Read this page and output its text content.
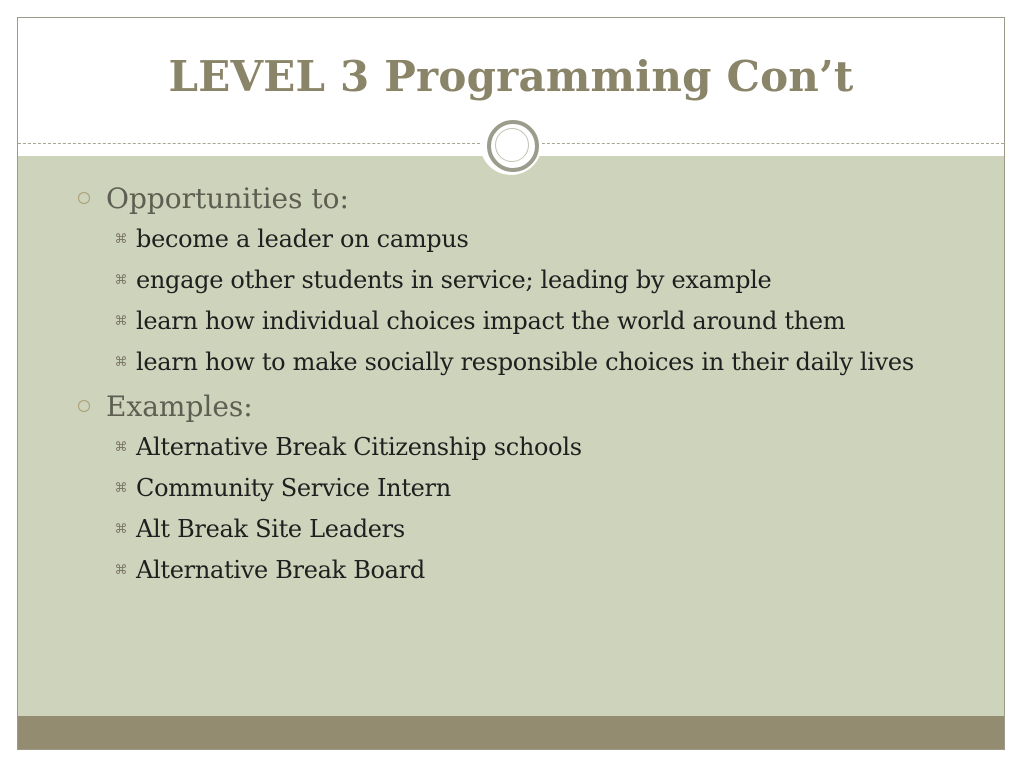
LEVEL 3 Programming Con’t
Opportunities to:
⌘ become a leader on campus
⌘ engage other students in service; leading by example
⌘ learn how individual choices impact the world around them
⌘ learn how to make socially responsible choices in their daily lives
Examples:
⌘ Alternative Break Citizenship schools
⌘ Community Service Intern
⌘ Alt Break Site Leaders
⌘ Alternative Break Board
